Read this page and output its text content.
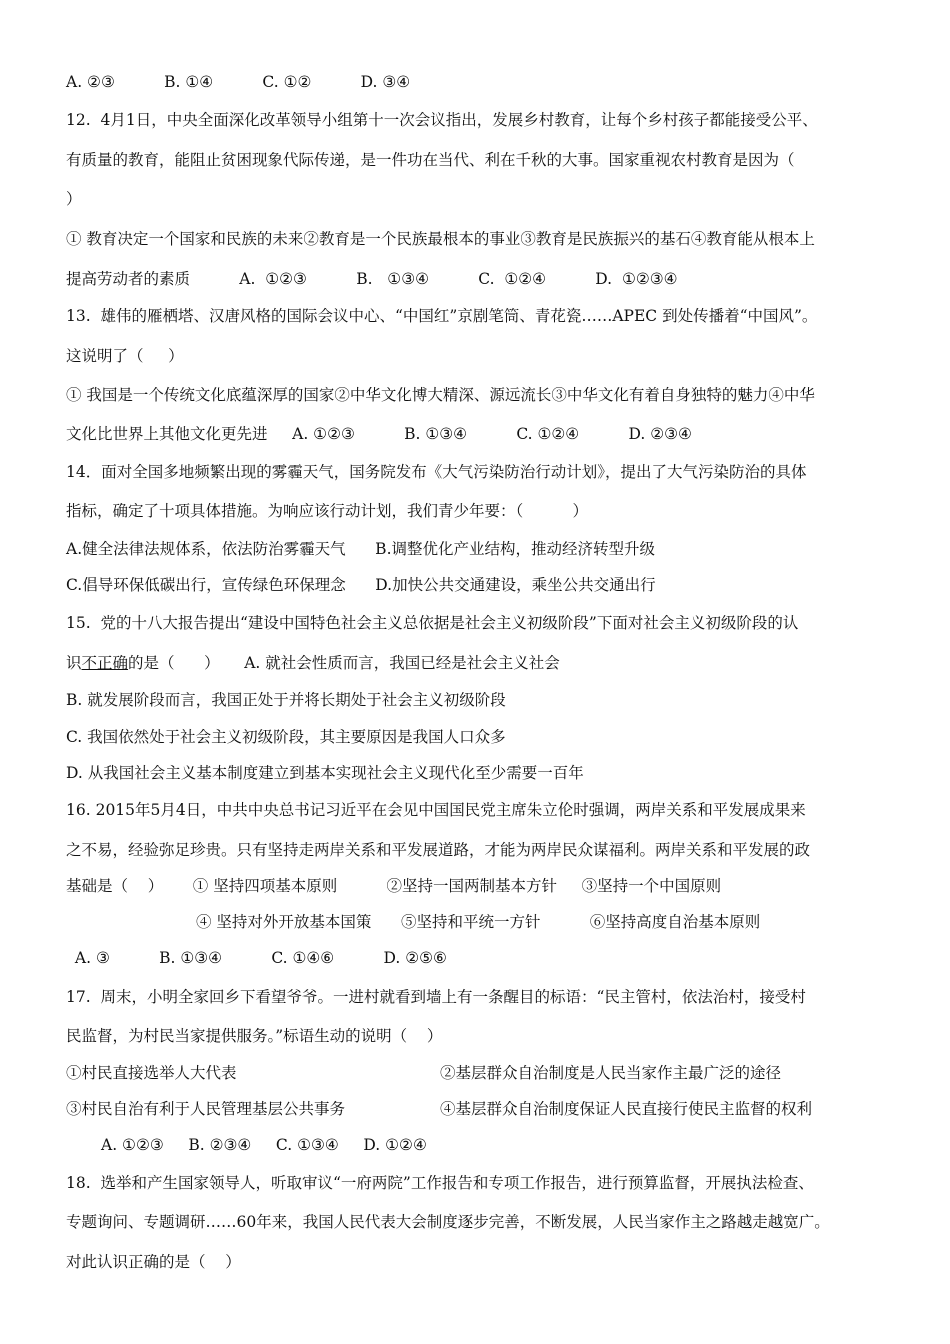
A. ②③          B. ①④          C. ①②          D. ③④
12.  4月1日，中央全面深化改革领导小组第十一次会议指出，发展乡村教育，让每个乡村孩子都能接受公平、
有质量的教育，能阻止贫困现象代际传递，是一件功在当代、利在千秋的大事。国家重视农村教育是因为（
）
① 教育决定一个国家和民族的未来②教育是一个民族最根本的事业③教育是民族振兴的基石④教育能从根本上
提高劳动者的素质          A.  ①②③          B.   ①③④          C.  ①②④          D.  ①②③④
13.  雄伟的雁栖塔、汉唐风格的国际会议中心、“中国红”京剧笔筒、青花瓷……APEC 到处传播着“中国风”。
这说明了（     ）
① 我国是一个传统文化底蕴深厚的国家②中华文化博大精深、源远流长③中华文化有着自身独特的魅力④中华
文化比世界上其他文化更先进     A. ①②③          B. ①③④          C. ①②④          D. ②③④
14．面对全国多地频繁出现的雾霾天气，国务院发布《大气污染防治行动计划》，提出了大气污染防治的具体
指标，确定了十项具体措施。为响应该行动计划，我们青少年要：（          ）
A.健全法律法规体系，依法防治雾霾天气      B.调整优化产业结构，推动经济转型升级
C.倡导环保低碳出行，宣传绿色环保理念      D.加快公共交通建设，乘坐公共交通出行
15.  党的十八大报告提出“建设中国特色社会主义总依据是社会主义初级阶段”下面对社会主义初级阶段的认
识不正确的是（      ）     A. 就社会性质而言，我国已经是社会主义社会
B. 就发展阶段而言，我国正处于并将长期处于社会主义初级阶段
C. 我国依然处于社会主义初级阶段，其主要原因是我国人口众多
D. 从我国社会主义基本制度建立到基本实现社会主义现代化至少需要一百年
16. 2015年5月4日，中共中央总书记习近平在会见中国国民党主席朱立伦时强调，两岸关系和平发展成果来
之不易，经验弥足珍贵。只有坚持走两岸关系和平发展道路，才能为两岸民众谋福利。两岸关系和平发展的政
基础是（    ）      ① 坚持四项基本原则          ②坚持一国两制基本方针     ③坚持一个中国原则
④ 坚持对外开放基本国策      ⑤坚持和平统一方针          ⑥坚持高度自治基本原则
A. ③          B. ①③④          C. ①④⑥          D. ②⑤⑥
17.  周末，小明全家回乡下看望爷爷。一进村就看到墙上有一条醒目的标语：“民主管村，依法治村，接受村
民监督，为村民当家提供服务。”标语生动的说明（    ）
①村民直接选举人大代表	②基层群众自治制度是人民当家作主最广泛的途径
③村民自治有利于人民管理基层公共事务	④基层群众自治制度保证人民直接行使民主监督的权利
A. ①②③     B. ②③④     C. ①③④     D. ①②④
18.  选举和产生国家领导人，听取审议“一府两院”工作报告和专项工作报告，进行预算监督，开展执法检查、
专题询问、专题调研……60年来，我国人民代表大会制度逐步完善，不断发展，人民当家作主之路越走越宽广。
对此认识正确的是（    ）
